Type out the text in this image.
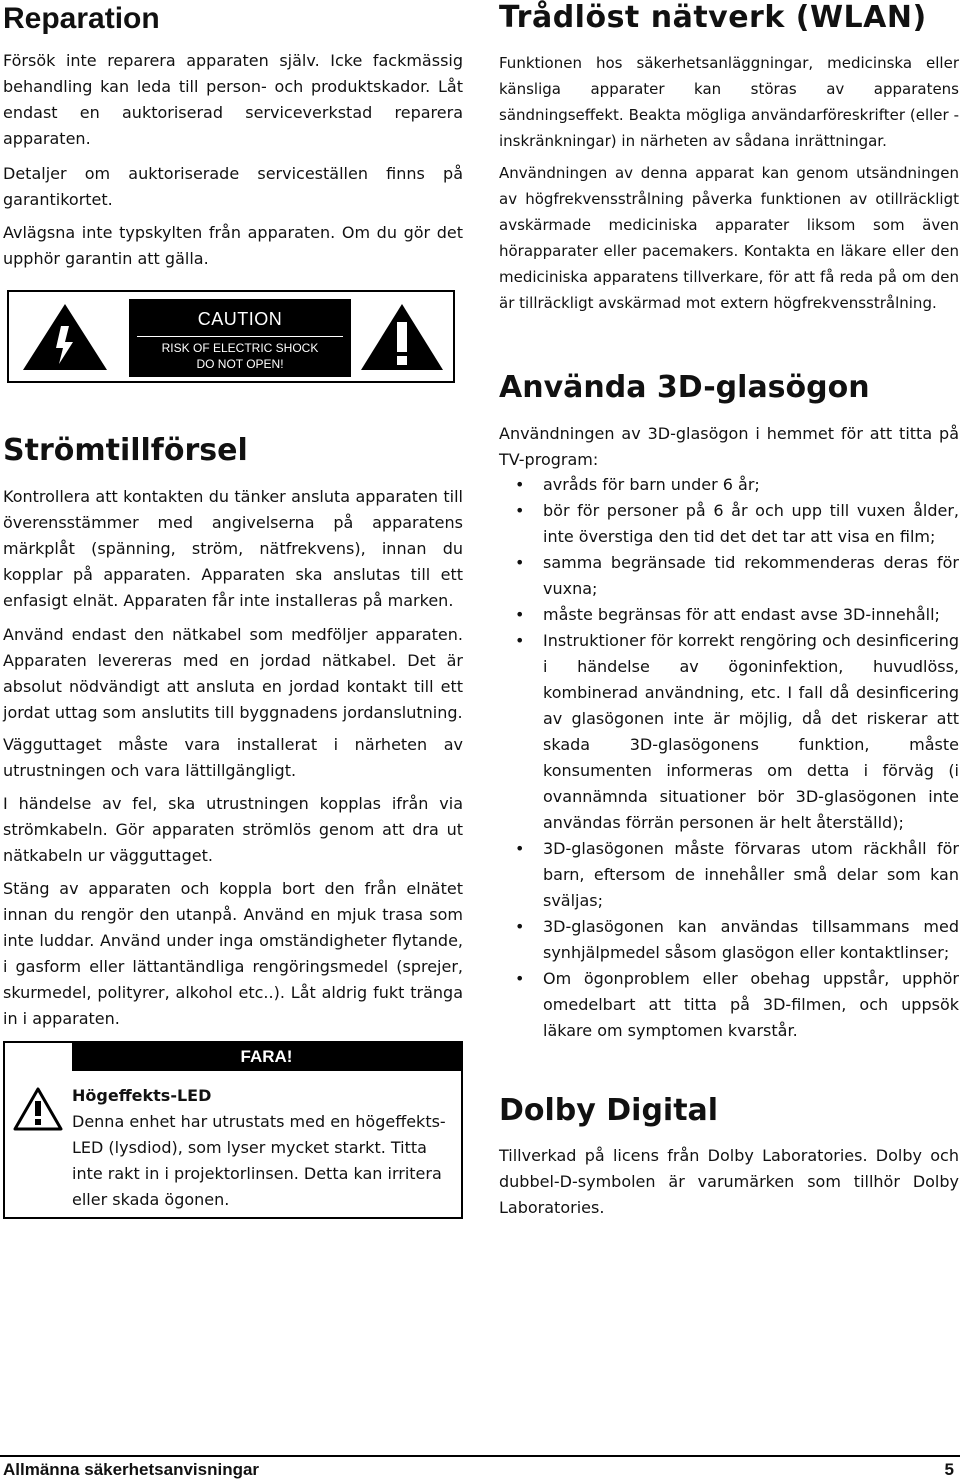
Reparation

Försök inte reparera apparaten själv. Icke fackmässig behandling kan leda till person- och produktskador. Låt endast en auktoriserad serviceverkstad reparera apparaten.

Detaljer om auktoriserade serviceställen finns på garantikortet.

Avlägsna inte typskylten från apparaten. Om du gör det upphör garantin att gälla.

CAUTION
RISK OF ELECTRIC SHOCK
DO NOT OPEN!
Strömtillförsel

Kontrollera att kontakten du tänker ansluta apparaten till överensstämmer med angivelserna på apparatens märkplåt (spänning, ström, nätfrekvens), innan du kopplar på apparaten. Apparaten ska anslutas till ett enfasigt elnät. Apparaten får inte installeras på marken.

Använd endast den nätkabel som medföljer apparaten. Apparaten levereras med en jordad nätkabel. Det är absolut nödvändigt att ansluta en jordad kontakt till ett jordat uttag som anslutits till byggnadens jordanslutning.

Vägguttaget måste vara installerat i närheten av utrustningen och vara lättillgängligt.

I händelse av fel, ska utrustningen kopplas ifrån via strömkabeln. Gör apparaten strömlös genom att dra ut nätkabeln ur vägguttaget.

Stäng av apparaten och koppla bort den från elnätet innan du rengör den utanpå. Använd en mjuk trasa som inte luddar. Använd under inga omständigheter flytande, i gasform eller lättantändliga rengöringsmedel (sprejer, skurmedel, polityrer, alkohol etc..). Låt aldrig fukt tränga in i apparaten.

FARA!
Högeffekts-LED

Denna enhet har utrustats med en högeffekts-LED (lysdiod), som lyser mycket starkt. Titta inte rakt in i projektorlinsen. Detta kan irritera eller skada ögonen.

Trådlöst nätverk (WLAN)

Funktionen hos säkerhetsanläggningar, medicinska eller känsliga apparater kan störas av apparatens sändningseffekt. Beakta mögliga användarföreskrifter (eller - inskränkningar) in närheten av sådana inrättningar.

Användningen av denna apparat kan genom utsändningen av högfrekvensstrålning påverka funktionen av otillräckligt avskärmade mediciniska apparater liksom som även hörapparater eller pacemakers. Kontakta en läkare eller den mediciniska apparatens tillverkare, för att få reda på om den är tillräckligt avskärmad mot extern högfrekvensstrålning.

Använda 3D-glasögon

Användningen av 3D-glasögon i hemmet för att titta på TV-program:

• avråds för barn under 6 år;
• bör för personer på 6 år och upp till vuxen ålder, inte överstiga den tid det det tar att visa en film;
• samma begränsade tid rekommenderas deras för vuxna;
• måste begränsas för att endast avse 3D-innehåll;
• Instruktioner för korrekt rengöring och desinficering i händelse av ögoninfektion, huvudlöss, kombinerad användning, etc. I fall då desinficering av glasögonen inte är möjlig, då det riskerar att skada 3D-glasögonens funktion, måste konsumenten informeras om detta i förväg (i ovannämnda situationer bör 3D-glasögonen inte användas förrän personen är helt återställd);
• 3D-glasögonen måste förvaras utom räckhåll för barn, eftersom de innehåller små delar som kan sväljas;
• 3D-glasögonen kan användas tillsammans med synhjälpmedel såsom glasögon eller kontaktlinser;
• Om ögonproblem eller obehag uppstår, upphör omedelbart att titta på 3D-filmen, och uppsök läkare om symptomen kvarstår.
Dolby Digital

Tillverkad på licens från Dolby Laboratories. Dolby och dubbel-D-symbolen är varumärken som tillhör Dolby Laboratories.

Allmänna säkerhetsanvisningar	5
